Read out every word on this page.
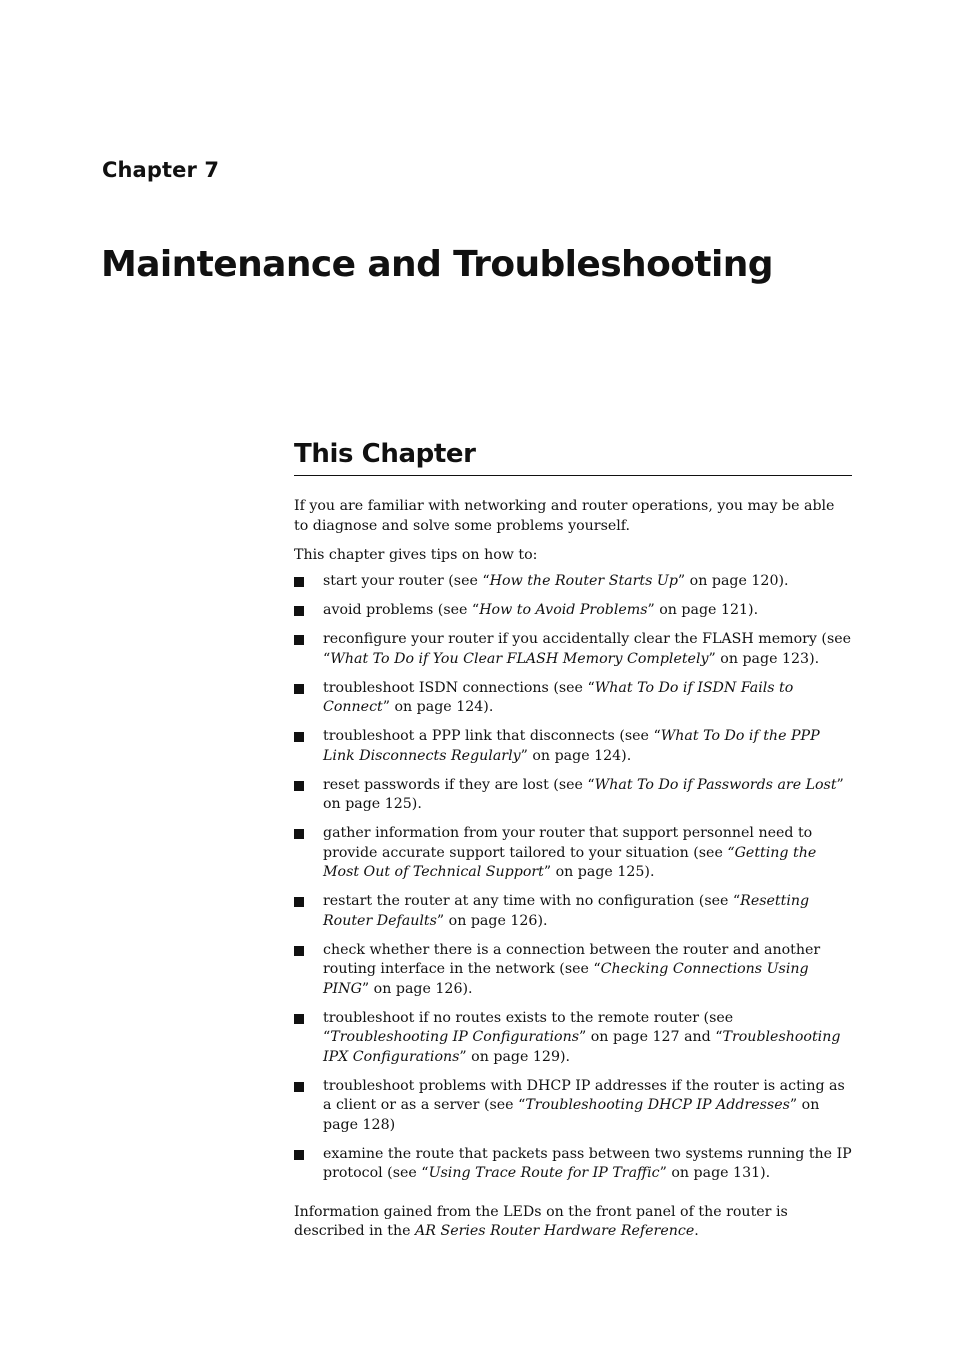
Chapter 7
Maintenance and Troubleshooting
This Chapter

If you are familiar with networking and router operations, you may be able to diagnose and solve some problems yourself.

This chapter gives tips on how to:

start your router (see “How the Router Starts Up” on page 120).
avoid problems (see “How to Avoid Problems” on page 121).
reconfigure your router if you accidentally clear the FLASH memory (see “What To Do if You Clear FLASH Memory Completely” on page 123).
troubleshoot ISDN connections (see “What To Do if ISDN Fails to Connect” on page 124).
troubleshoot a PPP link that disconnects (see “What To Do if the PPP Link Disconnects Regularly” on page 124).
reset passwords if they are lost (see “What To Do if Passwords are Lost” on page 125).
gather information from your router that support personnel need to provide accurate support tailored to your situation (see “Getting the Most Out of Technical Support” on page 125).
restart the router at any time with no configuration (see “Resetting Router Defaults” on page 126).
check whether there is a connection between the router and another routing interface in the network (see “Checking Connections Using PING” on page 126).
troubleshoot if no routes exists to the remote router (see “Troubleshooting IP Configurations” on page 127 and “Troubleshooting IPX Configurations” on page 129).
troubleshoot problems with DHCP IP addresses if the router is acting as a client or as a server (see “Troubleshooting DHCP IP Addresses” on page 128)
examine the route that packets pass between two systems running the IP protocol (see “Using Trace Route for IP Traffic” on page 131).

Information gained from the LEDs on the front panel of the router is described in the AR Series Router Hardware Reference.
